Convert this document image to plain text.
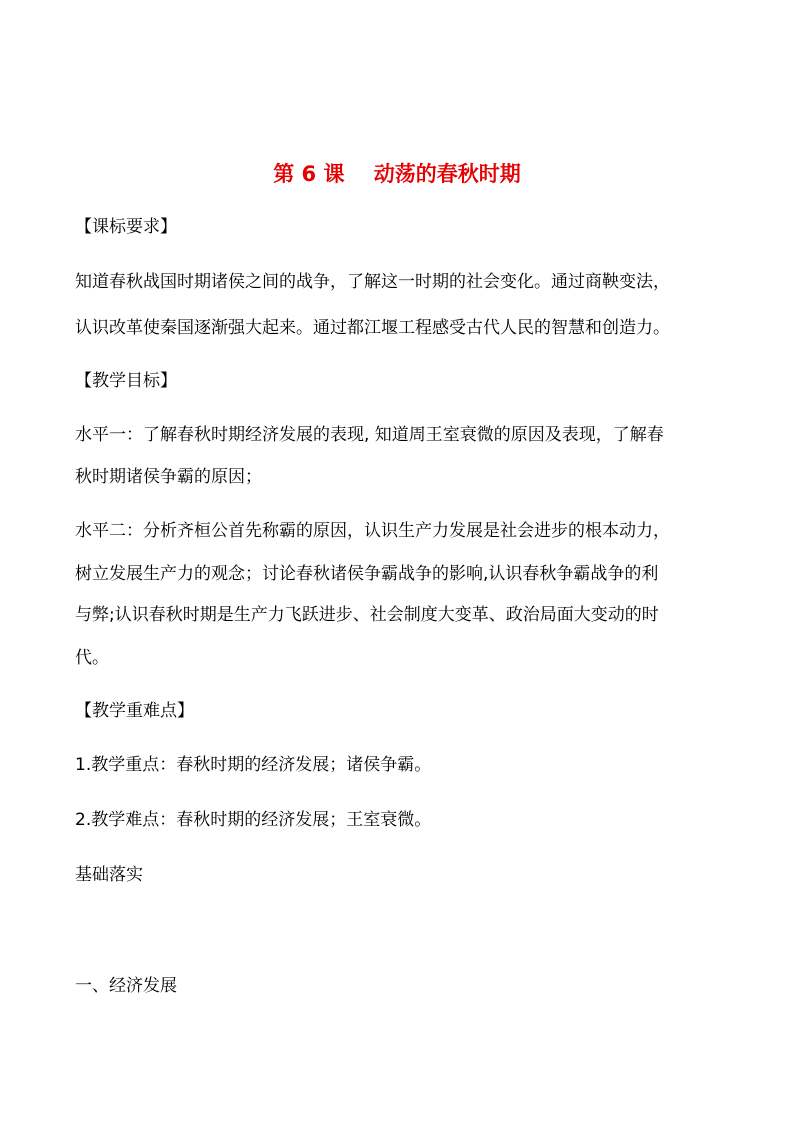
第 6 课    动荡的春秋时期
【课标要求】
知道春秋战国时期诸侯之间的战争，了解这一时期的社会变化。通过商鞅变法，
认识改革使秦国逐渐强大起来。通过都江堰工程感受古代人民的智慧和创造力。
【教学目标】
水平一：了解春秋时期经济发展的表现, 知道周王室衰微的原因及表现，了解春
秋时期诸侯争霸的原因；
水平二：分析齐桓公首先称霸的原因，认识生产力发展是社会进步的根本动力，
树立发展生产力的观念；讨论春秋诸侯争霸战争的影响,认识春秋争霸战争的利
与弊;认识春秋时期是生产力飞跃进步、社会制度大变革、政治局面大变动的时
代。
【教学重难点】
1.教学重点：春秋时期的经济发展；诸侯争霸。
2.教学难点：春秋时期的经济发展；王室衰微。
基础落实
一、经济发展
